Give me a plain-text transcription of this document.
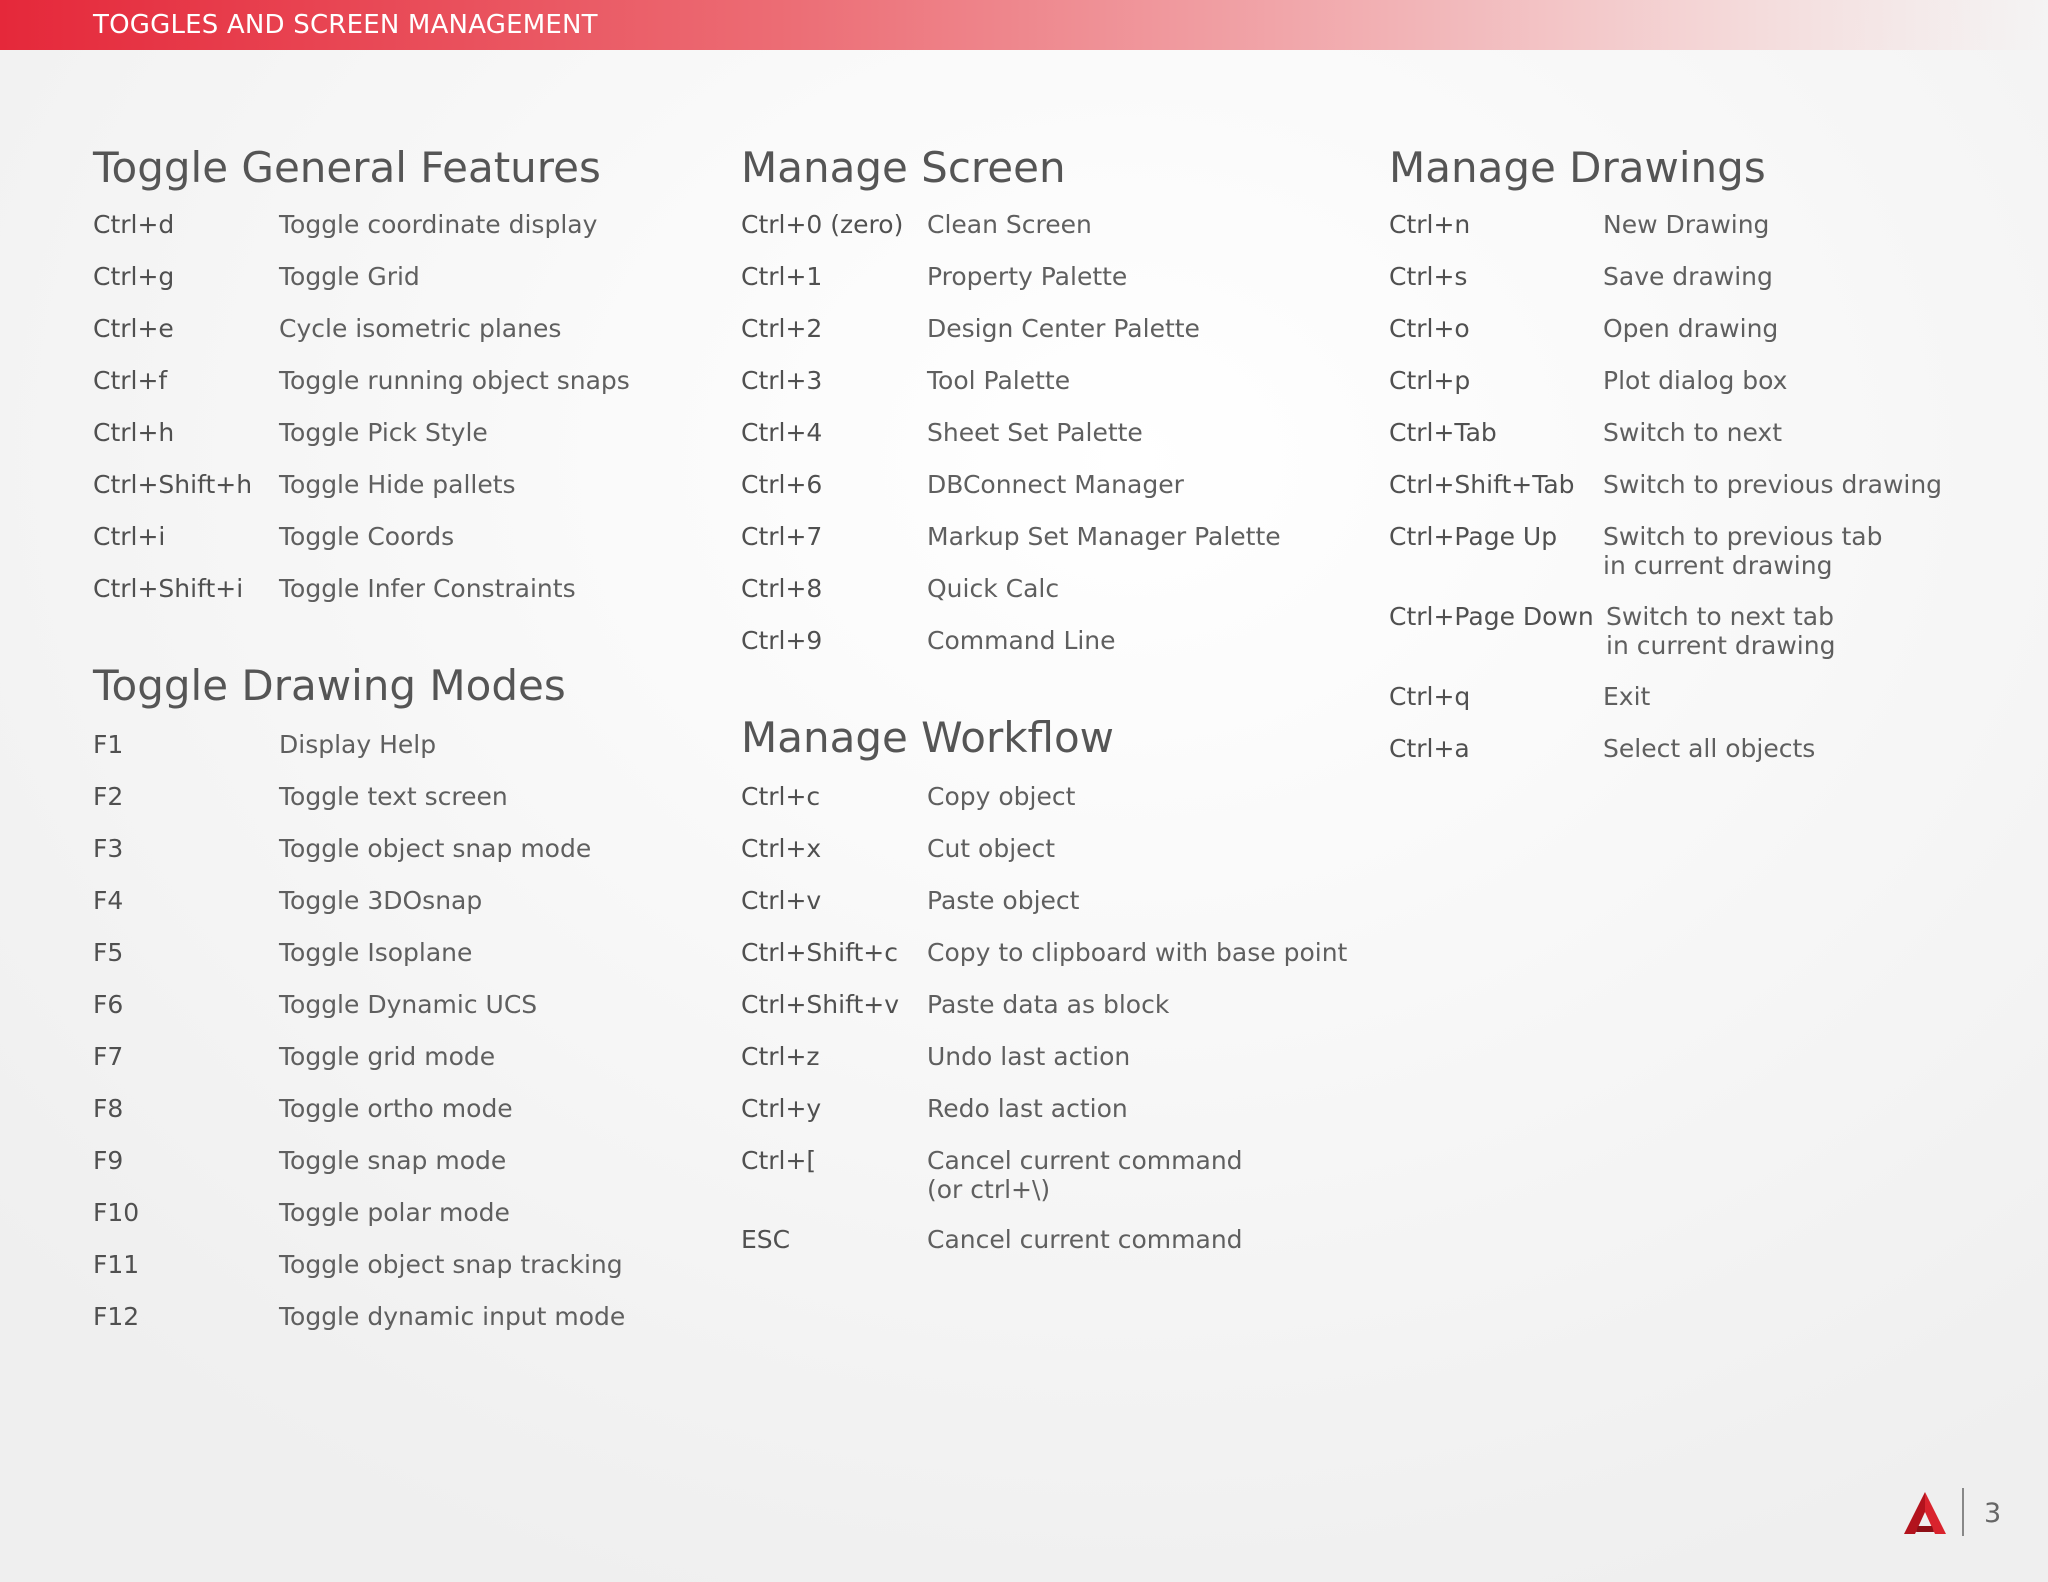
TOGGLES AND SCREEN MANAGEMENT
Toggle General Features
Ctrl+d	Toggle coordinate display
Ctrl+g	Toggle Grid
Ctrl+e	Cycle isometric planes
Ctrl+f	Toggle running object snaps
Ctrl+h	Toggle Pick Style
Ctrl+Shift+h Toggle Hide pallets
Ctrl+i	Toggle Coords
Ctrl+Shift+i Toggle Infer Constraints
Toggle Drawing Modes
F1	Display Help
F2	Toggle text screen
F3	Toggle object snap mode
F4	Toggle 3DOsnap
F5	Toggle Isoplane
F6	Toggle Dynamic UCS
F7	Toggle grid mode
F8	Toggle ortho mode
F9	Toggle snap mode
F10	Toggle polar mode
F11	Toggle object snap tracking
F12	Toggle dynamic input mode
Manage Screen
Ctrl+0 (zero) Clean Screen
Ctrl+1	Property Palette
Ctrl+2	Design Center Palette
Ctrl+3	Tool Palette
Ctrl+4	Sheet Set Palette
Ctrl+6	DBConnect Manager
Ctrl+7	Markup Set Manager Palette
Ctrl+8	Quick Calc
Ctrl+9	Command Line
Manage Workflow
Ctrl+c	Copy object
Ctrl+x	Cut object
Ctrl+v	Paste object
Ctrl+Shift+c Copy to clipboard with base point
Ctrl+Shift+v Paste data as block
Ctrl+z	Undo last action
Ctrl+y	Redo last action
Ctrl+[	Cancel current command
(or ctrl+\)
ESC	Cancel current command
Manage Drawings
Ctrl+n	New Drawing
Ctrl+s	Save drawing
Ctrl+o	Open drawing
Ctrl+p	Plot dialog box
Ctrl+Tab	Switch to next
Ctrl+Shift+Tab Switch to previous drawing
Ctrl+Page Up Switch to previous tab
in current drawing
Ctrl+Page Down Switch to next tab
in current drawing
Ctrl+q	Exit
Ctrl+a	Select all objects
3
